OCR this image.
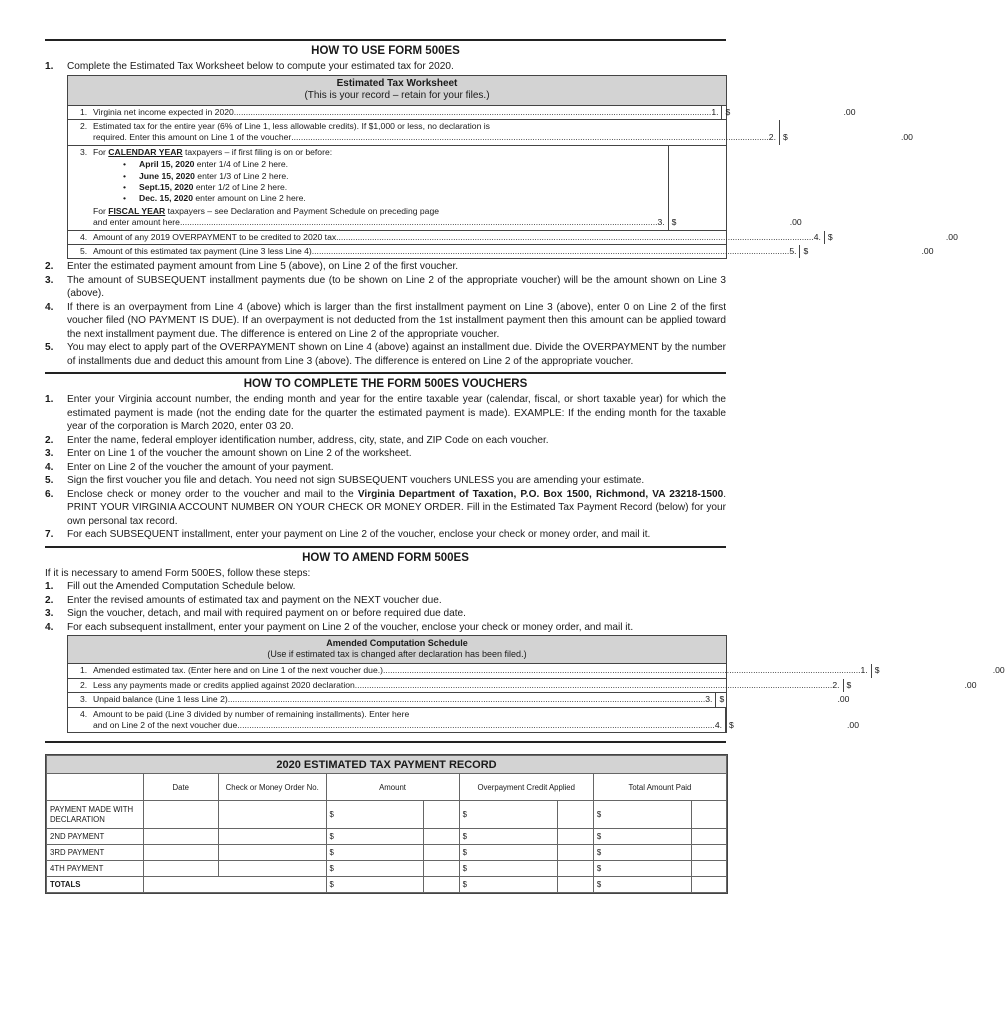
HOW TO USE FORM 500ES
1.	Complete the Estimated Tax Worksheet below to compute your estimated tax for 2020.
Estimated Tax Worksheet
(This is your record – retain for your files.)
1. Virginia net income expected in 2020 .....	1. $	.00
2. Estimated tax for the entire year (6% of Line 1, less allowable credits). If $1,000 or less, no declaration is
required. Enter this amount on Line 1 of the voucher .....	2. $	.00
3. For CALENDAR YEAR taxpayers – if first filing is on or before:
•	April 15, 2020 enter 1/4 of Line 2 here.
•	June 15, 2020 enter 1/3 of Line 2 here.
•	Sept.15, 2020 enter 1/2 of Line 2 here.
•	Dec. 15, 2020 enter amount on Line 2 here.
For FISCAL YEAR taxpayers – see Declaration and Payment Schedule on preceding page
and enter amount here .....	3. $	.00
4. Amount of any 2019 OVERPAYMENT to be credited to 2020 tax .....	4. $	.00
5. Amount of this estimated tax payment (Line 3 less Line 4) .....	5. $	.00
2.	Enter the estimated payment amount from Line 5 (above), on Line 2 of the first voucher.
3.	The amount of SUBSEQUENT installment payments due (to be shown on Line 2 of the appropriate voucher) will be the amount shown on Line 3 (above).
4.	If there is an overpayment from Line 4 (above) which is larger than the first installment payment on Line 3 (above), enter 0 on Line 2 of the first voucher filed (NO PAYMENT IS DUE). If an overpayment is not deducted from the 1st installment payment then this amount can be applied toward the next installment payment due. The difference is entered on Line 2 of the appropriate voucher.
5.	You may elect to apply part of the OVERPAYMENT shown on Line 4 (above) against an installment due. Divide the OVERPAYMENT by the number of installments due and deduct this amount from Line 3 (above). The difference is entered on Line 2 of the appropriate voucher.
HOW TO COMPLETE THE FORM 500ES VOUCHERS
1.	Enter your Virginia account number, the ending month and year for the entire taxable year (calendar, fiscal, or short taxable year) for which the estimated payment is made (not the ending date for the quarter the estimated payment is made). EXAMPLE: If the ending month for the taxable year of the corporation is March 2020, enter 03 20.
2.	Enter the name, federal employer identification number, address, city, state, and ZIP Code on each voucher.
3.	Enter on Line 1 of the voucher the amount shown on Line 2 of the worksheet.
4.	Enter on Line 2 of the voucher the amount of your payment.
5.	Sign the first voucher you file and detach. You need not sign SUBSEQUENT vouchers UNLESS you are amending your estimate.
6.	Enclose check or money order to the voucher and mail to the Virginia Department of Taxation, P.O. Box 1500, Richmond, VA 23218-1500. PRINT YOUR VIRGINIA ACCOUNT NUMBER ON YOUR CHECK OR MONEY ORDER. Fill in the Estimated Tax Payment Record (below) for your own personal tax record.
7.	For each SUBSEQUENT installment, enter your payment on Line 2 of the voucher, enclose your check or money order, and mail it.
HOW TO AMEND FORM 500ES
If it is necessary to amend Form 500ES, follow these steps:
1.	Fill out the Amended Computation Schedule below.
2.	Enter the revised amounts of estimated tax and payment on the NEXT voucher due.
3.	Sign the voucher, detach, and mail with required payment on or before required due date.
4.	For each subsequent installment, enter your payment on Line 2 of the voucher, enclose your check or money order, and mail it.
Amended Computation Schedule
(Use if estimated tax is changed after declaration has been filed.)
1. Amended estimated tax. (Enter here and on Line 1 of the next voucher due.) .....	1. $	.00
2. Less any payments made or credits applied against 2020 declaration .....	2. $	.00
3. Unpaid balance (Line 1 less Line 2) .....	3. $	.00
4. Amount to be paid (Line 3 divided by number of remaining installments). Enter here
and on Line 2 of the next voucher due .....	4. $	.00
2020 ESTIMATED TAX PAYMENT RECORD								
	Date	Check or Money Order No.	Amount		Overpayment Credit Applied		Total Amount Paid	
PAYMENT MADE WITH DECLARATION			$		$		$	
2ND PAYMENT			$		$		$	
3RD PAYMENT			$		$		$	
4TH PAYMENT			$		$		$	
TOTALS			$		$		$	
